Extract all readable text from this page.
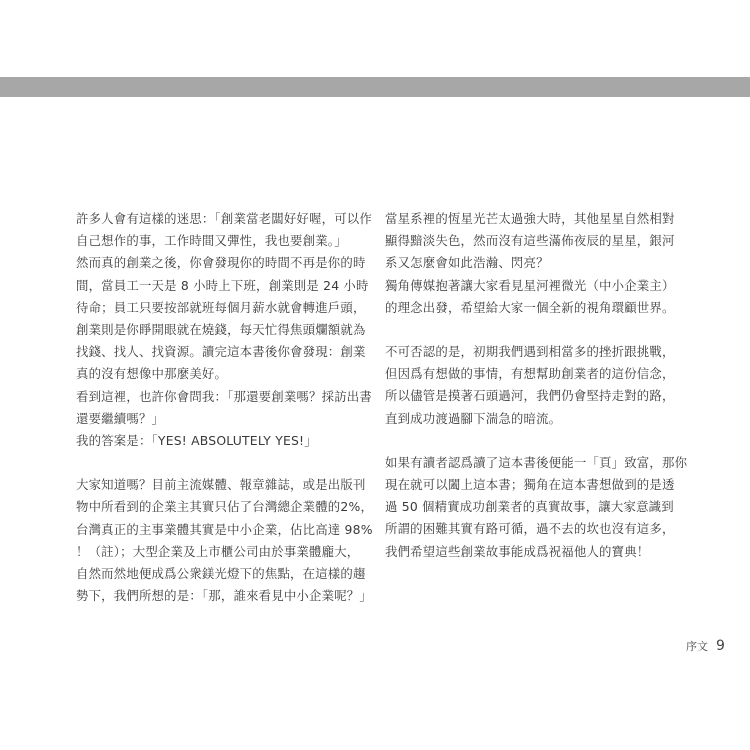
許多人會有這樣的迷思：「創業當老闆好好喔，可以作
自己想作的事，工作時間又彈性，我也要創業。」
然而真的創業之後，你會發現你的時間不再是你的時
間，當員工一天是 8 小時上下班，創業則是 24 小時
待命；員工只要按部就班每個月薪水就會轉進戶頭，
創業則是你睜開眼就在燒錢，每天忙得焦頭爛額就為
找錢、找人、找資源。讀完這本書後你會發現：創業
真的沒有想像中那麼美好。
看到這裡，也許你會問我：「那還要創業嗎？採訪出書
還要繼續嗎？」
我的答案是：「YES! ABSOLUTELY YES!」
大家知道嗎？目前主流媒體、報章雜誌，或是出版刊
物中所看到的企業主其實只佔了台灣總企業體的2%，
台灣真正的主事業體其實是中小企業，佔比高達 98%
！（註）；大型企業及上市櫃公司由於事業體龐大，
自然而然地便成爲公衆鎂光燈下的焦點，在這樣的趨
勢下，我們所想的是：「那，誰來看見中小企業呢？」
當星系裡的恆星光芒太過強大時，其他星星自然相對
顯得黯淡失色，然而沒有這些滿佈夜辰的星星，銀河
系又怎麼會如此浩瀚、閃亮？
獨角傳媒抱著讓大家看見星河裡微光（中小企業主）
的理念出發，希望給大家一個全新的視角環顧世界。
不可否認的是，初期我們遇到相當多的挫折跟挑戰，
但因爲有想做的事情，有想幫助創業者的這份信念，
所以儘管是摸著石頭過河，我們仍會堅持走對的路，
直到成功渡過腳下湍急的暗流。
如果有讀者認爲讀了這本書後便能一「頁」致富，那你
現在就可以闔上這本書；獨角在這本書想做到的是透
過 50 個精實成功創業者的真實故事，讓大家意識到
所謂的困難其實有路可循，過不去的坎也沒有這多，
我們希望這些創業故事能成爲祝福他人的寶典！
序文 9
